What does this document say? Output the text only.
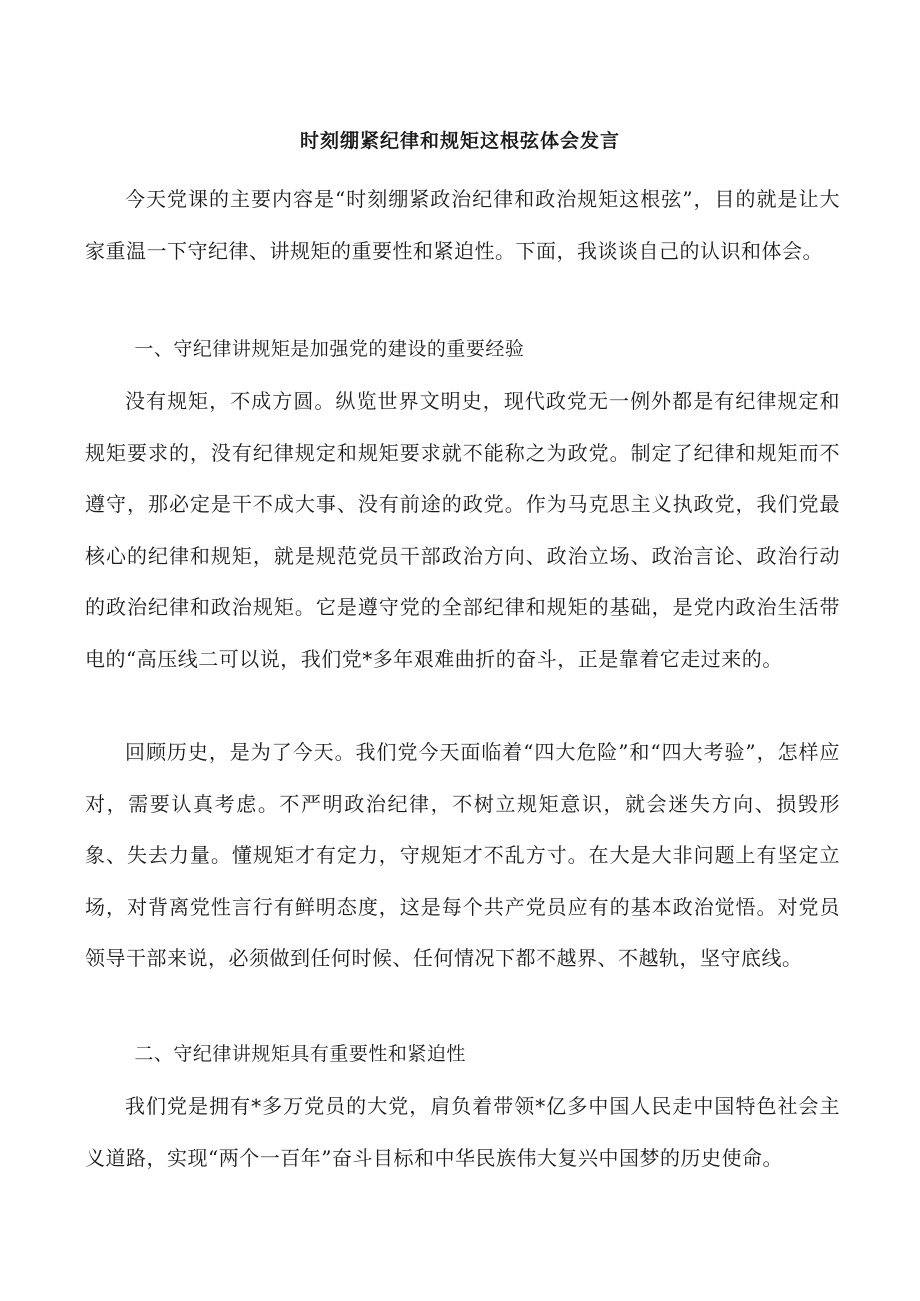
时刻绷紧纪律和规矩这根弦体会发言

今天党课的主要内容是“时刻绷紧政治纪律和政治规矩这根弦”，目的就是让大家重温一下守纪律、讲规矩的重要性和紧迫性。下面，我谈谈自己的认识和体会。

一、守纪律讲规矩是加强党的建设的重要经验

没有规矩，不成方圆。纵览世界文明史，现代政党无一例外都是有纪律规定和规矩要求的，没有纪律规定和规矩要求就不能称之为政党。制定了纪律和规矩而不遵守，那必定是干不成大事、没有前途的政党。作为马克思主义执政党，我们党最核心的纪律和规矩，就是规范党员干部政治方向、政治立场、政治言论、政治行动的政治纪律和政治规矩。它是遵守党的全部纪律和规矩的基础，是党内政治生活带电的“高压线二可以说，我们党*多年艰难曲折的奋斗，正是靠着它走过来的。

回顾历史，是为了今天。我们党今天面临着“四大危险”和“四大考验”，怎样应对，需要认真考虑。不严明政治纪律，不树立规矩意识，就会迷失方向、损毁形象、失去力量。懂规矩才有定力，守规矩才不乱方寸。在大是大非问题上有坚定立场，对背离党性言行有鲜明态度，这是每个共产党员应有的基本政治觉悟。对党员领导干部来说，必须做到任何时候、任何情况下都不越界、不越轨，坚守底线。

二、守纪律讲规矩具有重要性和紧迫性

我们党是拥有*多万党员的大党，肩负着带领*亿多中国人民走中国特色社会主义道路，实现“两个一百年”奋斗目标和中华民族伟大复兴中国梦的历史使命。
